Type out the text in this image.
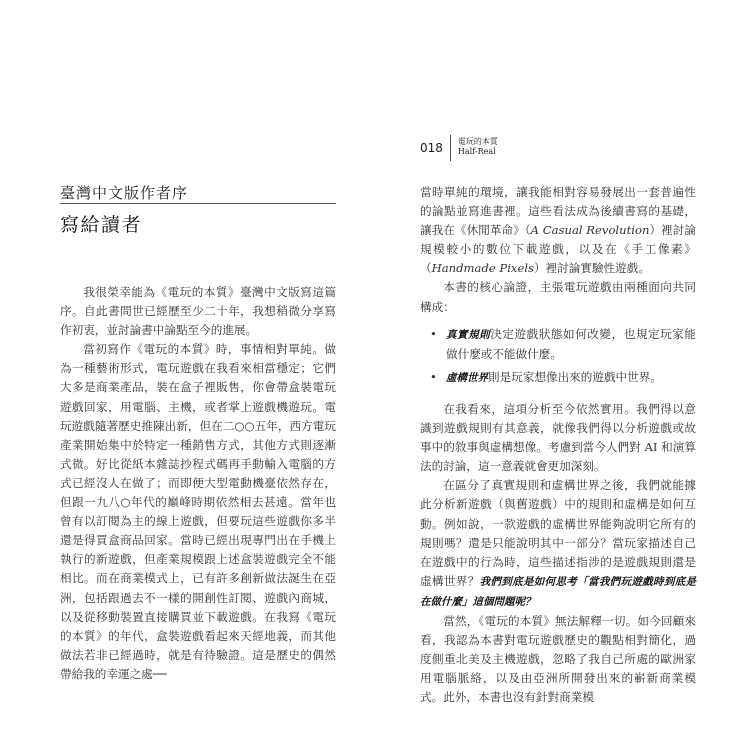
臺灣中文版作者序
寫給讀者

我很榮幸能為《電玩的本質》臺灣中文版寫這篇序。自此書問世已經歷至少二十年，我想稍微分享寫作初衷，並討論書中論點至今的進展。

當初寫作《電玩的本質》時，事情相對單純。做為一種藝術形式，電玩遊戲在我看來相當穩定；它們大多是商業產品，裝在盒子裡販售，你會帶盒裝電玩遊戲回家，用電腦、主機，或者掌上遊戲機遊玩。電玩遊戲隨著歷史推陳出新，但在二○○五年，西方電玩產業開始集中於特定一種銷售方式，其他方式則逐漸式微。好比從紙本雜誌抄程式碼再手動輸入電腦的方式已經沒人在做了；而即便大型電動機臺依然存在，但跟一九八○年代的巔峰時期依然相去甚遠。當年也曾有以訂閱為主的線上遊戲，但要玩這些遊戲你多半還是得買盒商品回家。當時已經出現專門出在手機上執行的新遊戲，但產業規模跟上述盒裝遊戲完全不能相比。而在商業模式上，已有許多創新做法誕生在亞洲，包括跟過去不一樣的開創性訂閱、遊戲內商城，以及從移動裝置直接購買並下載遊戲。在我寫《電玩的本質》的年代，盒裝遊戲看起來天經地義，而其他做法若非已經過時，就是有待驗證。這是歷史的偶然帶給我的幸運之處──

018	電玩的本質
Half-Real

當時單純的環境，讓我能相對容易發展出一套普遍性的論點並寫進書裡。這些看法成為後續書寫的基礎，讓我在《休閒革命》（A Casual Revolution）裡討論規模較小的數位下載遊戲，以及在《手工像素》（Handmade Pixels）裡討論實驗性遊戲。

本書的核心論證，主張電玩遊戲由兩種面向共同構成：

• 真實規則決定遊戲狀態如何改變，也規定玩家能做什麼或不能做什麼。
• 虛構世界則是玩家想像出來的遊戲中世界。

在我看來，這項分析至今依然實用。我們得以意識到遊戲規則有其意義，就像我們得以分析遊戲或故事中的敘事與虛構想像。考慮到當今人們對 AI 和演算法的討論，這一意義就會更加深刻。

在區分了真實規則和虛構世界之後，我們就能據此分析新遊戲（與舊遊戲）中的規則和虛構是如何互動。例如說，一款遊戲的虛構世界能夠說明它所有的規則嗎？還是只能說明其中一部分？當玩家描述自己在遊戲中的行為時，這些描述指涉的是遊戲規則還是虛構世界？我們到底是如何思考「當我們玩遊戲時到底是在做什麼」這個問題呢？

當然，《電玩的本質》無法解釋一切。如今回顧來看，我認為本書對電玩遊戲歷史的觀點相對簡化，過度側重北美及主機遊戲，忽略了我自己所處的歐洲家用電腦脈絡，以及由亞洲所開發出來的嶄新商業模式。此外，本書也沒有針對商業模
